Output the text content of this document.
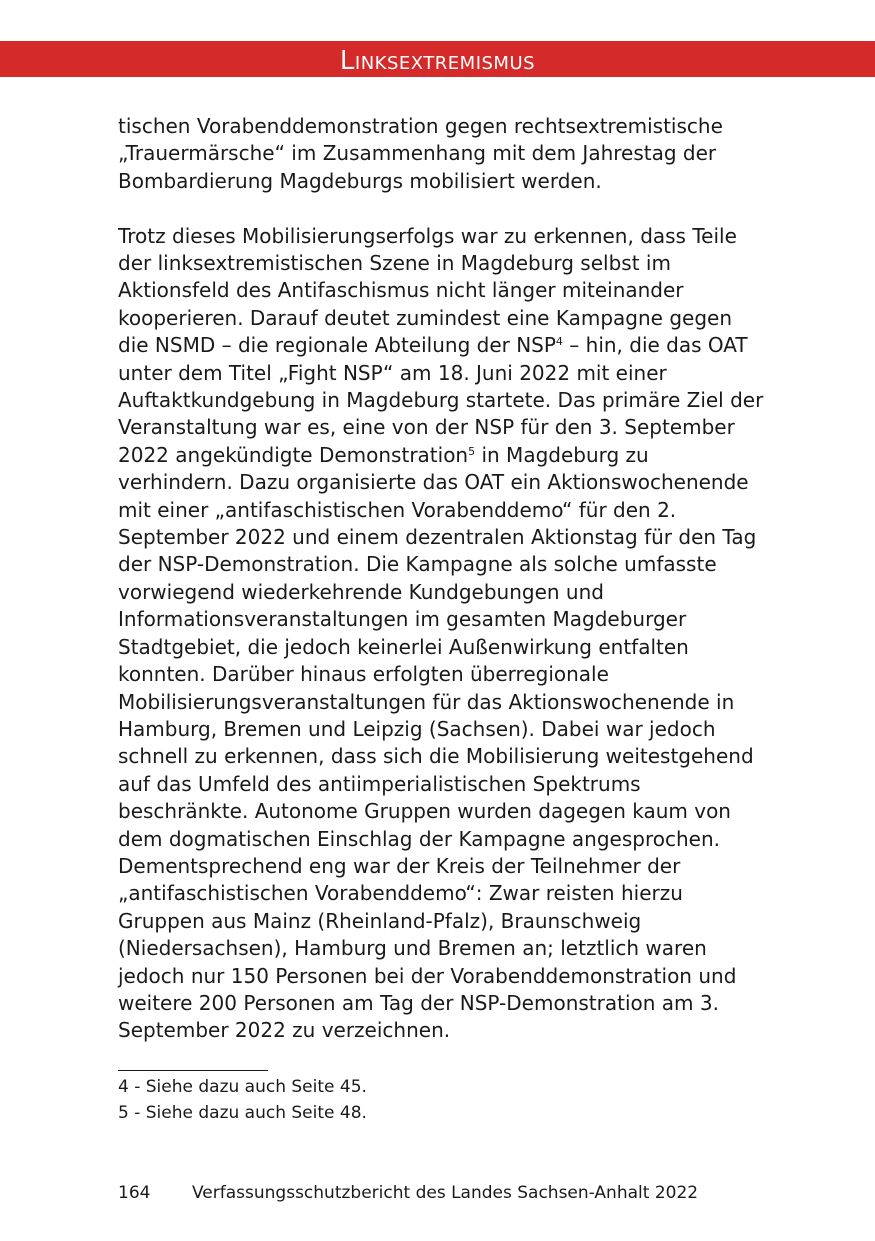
Linksextremismus

tischen Vorabenddemonstration gegen rechtsextremistische „Trauermärsche“ im Zusammenhang mit dem Jahrestag der Bombardierung Magdeburgs mobilisiert werden.

Trotz dieses Mobilisierungserfolgs war zu erkennen, dass Teile der linksextremistischen Szene in Magdeburg selbst im Aktionsfeld des Antifaschismus nicht länger miteinander kooperieren. Darauf deutet zumindest eine Kampagne gegen die NSMD – die regionale Abteilung der NSP$^4$ – hin, die das OAT unter dem Titel „Fight NSP“ am 18. Juni 2022 mit einer Auftaktkundgebung in Magdeburg startete. Das primäre Ziel der Veranstaltung war es, eine von der NSP für den 3. September 2022 angekündigte Demonstration$^5$ in Magdeburg zu verhindern. Dazu organisierte das OAT ein Aktionswochenende mit einer „antifaschistischen Vorabenddemo“ für den 2. September 2022 und einem dezentralen Aktionstag für den Tag der NSP-Demonstration. Die Kampagne als solche umfasste vorwiegend wiederkehrende Kundgebungen und Informationsveranstaltungen im gesamten Magdeburger Stadtgebiet, die jedoch keinerlei Außenwirkung entfalten konnten. Darüber hinaus erfolgten überregionale Mobilisierungsveranstaltungen für das Aktionswochenende in Hamburg, Bremen und Leipzig (Sachsen). Dabei war jedoch schnell zu erkennen, dass sich die Mobilisierung weitestgehend auf das Umfeld des antiimperialistischen Spektrums beschränkte. Autonome Gruppen wurden dagegen kaum von dem dogmatischen Einschlag der Kampagne angesprochen. Dementsprechend eng war der Kreis der Teilnehmer der „antifaschistischen Vorabenddemo“: Zwar reisten hierzu Gruppen aus Mainz (Rheinland-Pfalz), Braunschweig (Niedersachsen), Hamburg und Bremen an; letztlich waren jedoch nur 150 Personen bei der Vorabenddemonstration und weitere 200 Personen am Tag der NSP-Demonstration am 3. September 2022 zu verzeichnen.

4 - Siehe dazu auch Seite 45.
5 - Siehe dazu auch Seite 48.
164 Verfassungsschutzbericht des Landes Sachsen-Anhalt 2022
